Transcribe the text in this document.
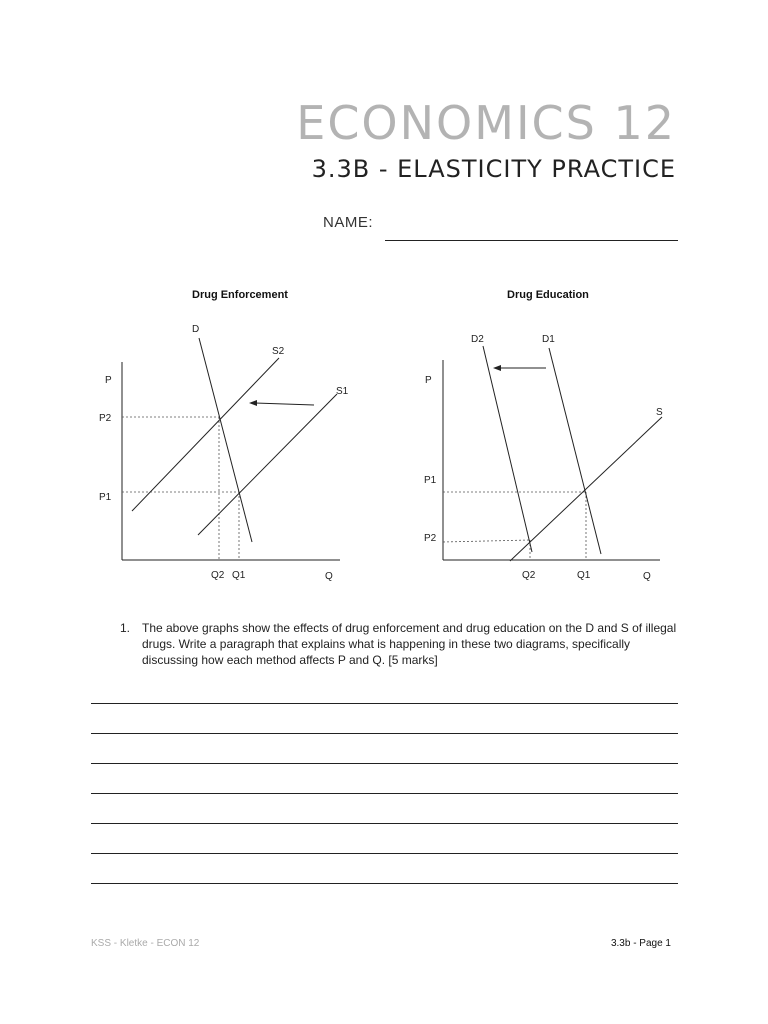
ECONOMICS 12
3.3B - ELASTICITY PRACTICE
NAME:
Drug Enforcement
P
P2
P1
D
S2
S1
Q2 Q1	Q
Drug Education
P
P1
P2
D2	D1
S
Q2	Q1	Q
1. The above graphs show the effects of drug enforcement and drug education on the D and S of illegal drugs. Write a paragraph that explains what is happening in these two diagrams, specifically discussing how each method affects P and Q. [5 marks]
KSS - Kletke - ECON 12	3.3b - Page 1
